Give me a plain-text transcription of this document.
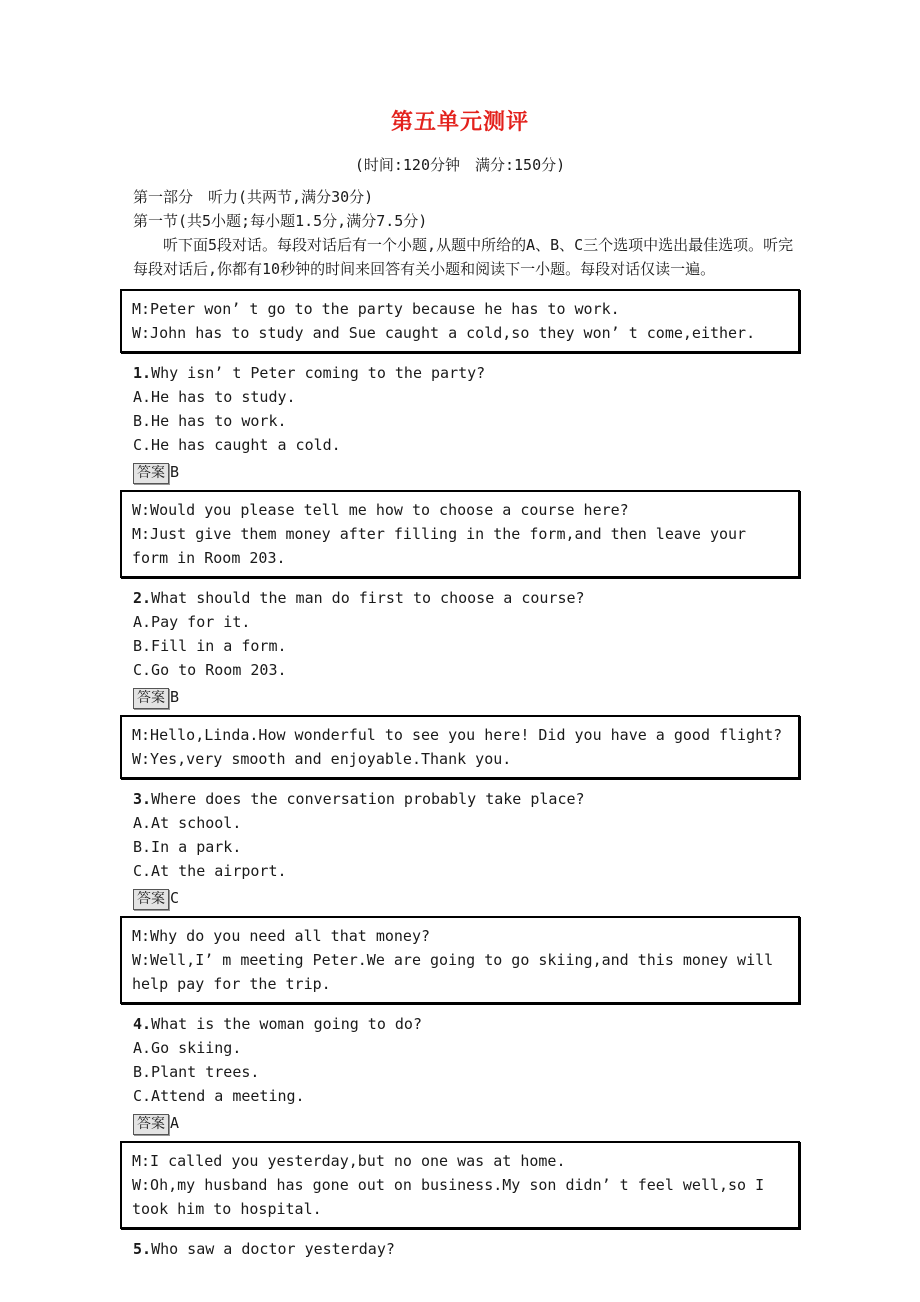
第五单元测评
(时间:120分钟　满分:150分)
第一部分　听力(共两节,满分30分)
第一节(共5小题;每小题1.5分,满分7.5分)

听下面5段对话。每段对话后有一个小题,从题中所给的A、B、C三个选项中选出最佳选项。听完每段对话后,你都有10秒钟的时间来回答有关小题和阅读下一小题。每段对话仅读一遍。

M:Peter won’ t go to the party because he has to work.
W:John has to study and Sue caught a cold,so they won’ t come,either.
1.Why isn’ t Peter coming to the party?
A.He has to study.
B.He has to work.
C.He has caught a cold.
答案 B
W:Would you please tell me how to choose a course here?
M:Just give them money after filling in the form,and then leave your form in Room 203.
2.What should the man do first to choose a course?
A.Pay for it.
B.Fill in a form.
C.Go to Room 203.
答案 B
M:Hello,Linda.How wonderful to see you here! Did you have a good flight?
W:Yes,very smooth and enjoyable.Thank you.
3.Where does the conversation probably take place?
A.At school.
B.In a park.
C.At the airport.
答案 C
M:Why do you need all that money?
W:Well,I’ m meeting Peter.We are going to go skiing,and this money will help pay for the trip.
4.What is the woman going to do?
A.Go skiing.
B.Plant trees.
C.Attend a meeting.
答案 A
M:I called you yesterday,but no one was at home.
W:Oh,my husband has gone out on business.My son didn’ t feel well,so I took him to hospital.
5.Who saw a doctor yesterday?
